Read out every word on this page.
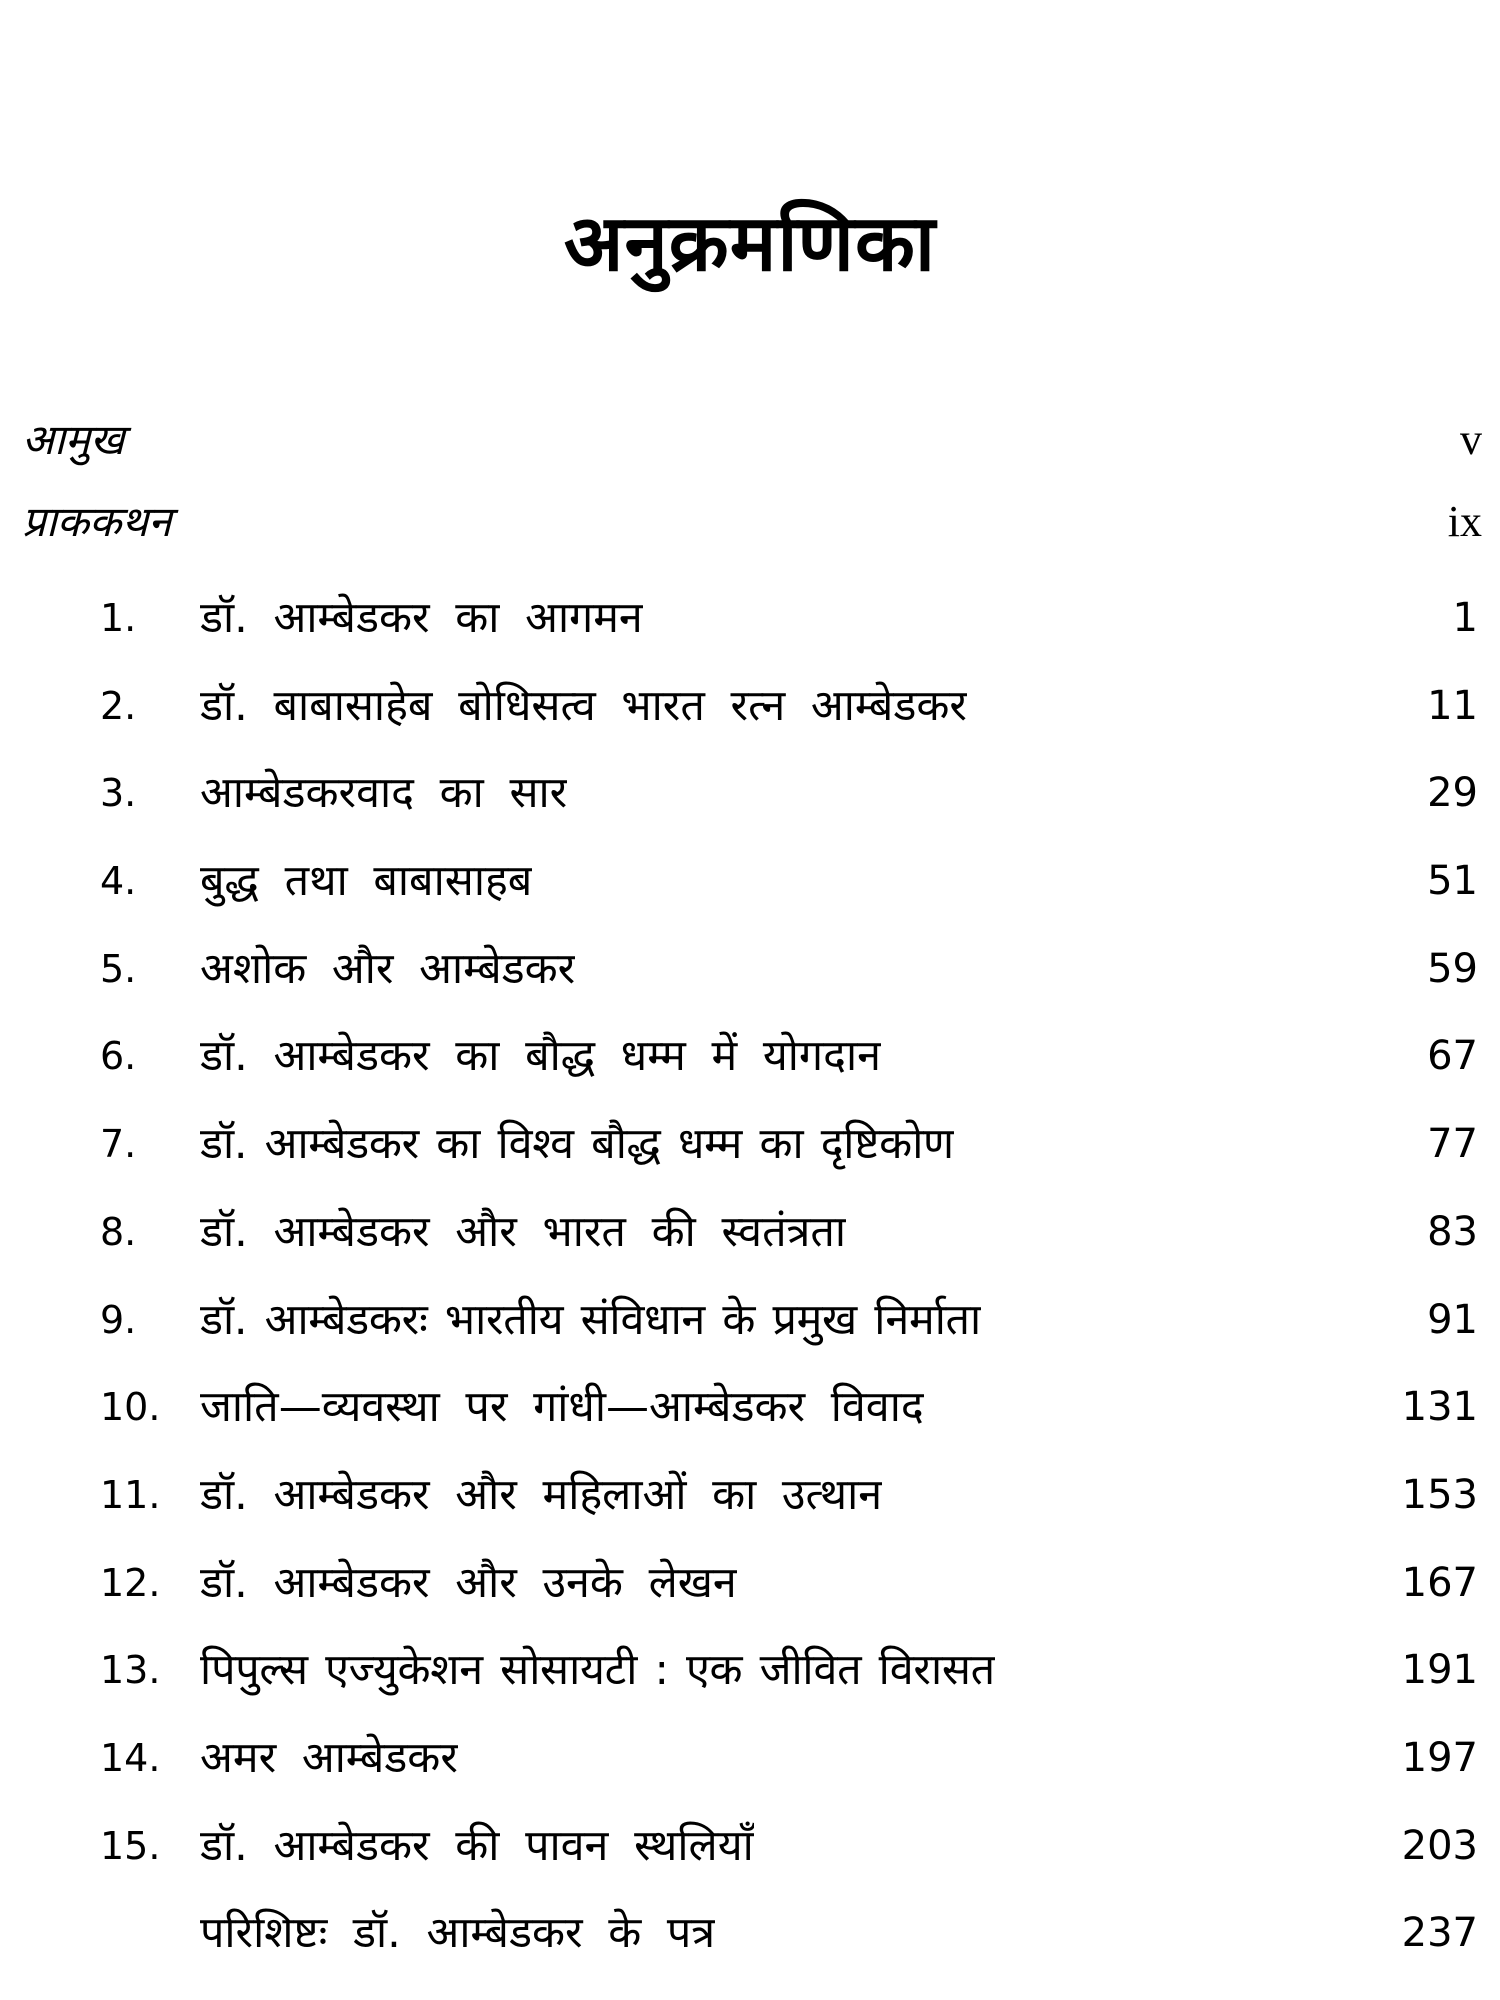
अनुक्रमणिका
आमुख	v
प्राककथन	ix
1.	डॉ. आम्बेडकर का आगमन	1
2.	डॉ. बाबासाहेब बोधिसत्व भारत रत्न आम्बेडकर	11
3.	आम्बेडकरवाद का सार	29
4.	बुद्ध तथा बाबासाहब	51
5.	अशोक और आम्बेडकर	59
6.	डॉ. आम्बेडकर का बौद्ध धम्म में योगदान	67
7.	डॉ. आम्बेडकर का विश्व बौद्ध धम्म का दृष्टिकोण	77
8.	डॉ. आम्बेडकर और भारत की स्वतंत्रता	83
9.	डॉ. आम्बेडकरः भारतीय संविधान के प्रमुख निर्माता	91
10. जाति—व्यवस्था पर गांधी—आम्बेडकर विवाद	131
11. डॉ. आम्बेडकर और महिलाओं का उत्थान	153
12. डॉ. आम्बेडकर और उनके लेखन	167
13. पिपुल्स एज्युकेशन सोसायटी : एक जीवित विरासत	191
14. अमर आम्बेडकर	197
15. डॉ. आम्बेडकर की पावन स्थलियाँ	203
परिशिष्टः डॉ. आम्बेडकर के पत्र	237
